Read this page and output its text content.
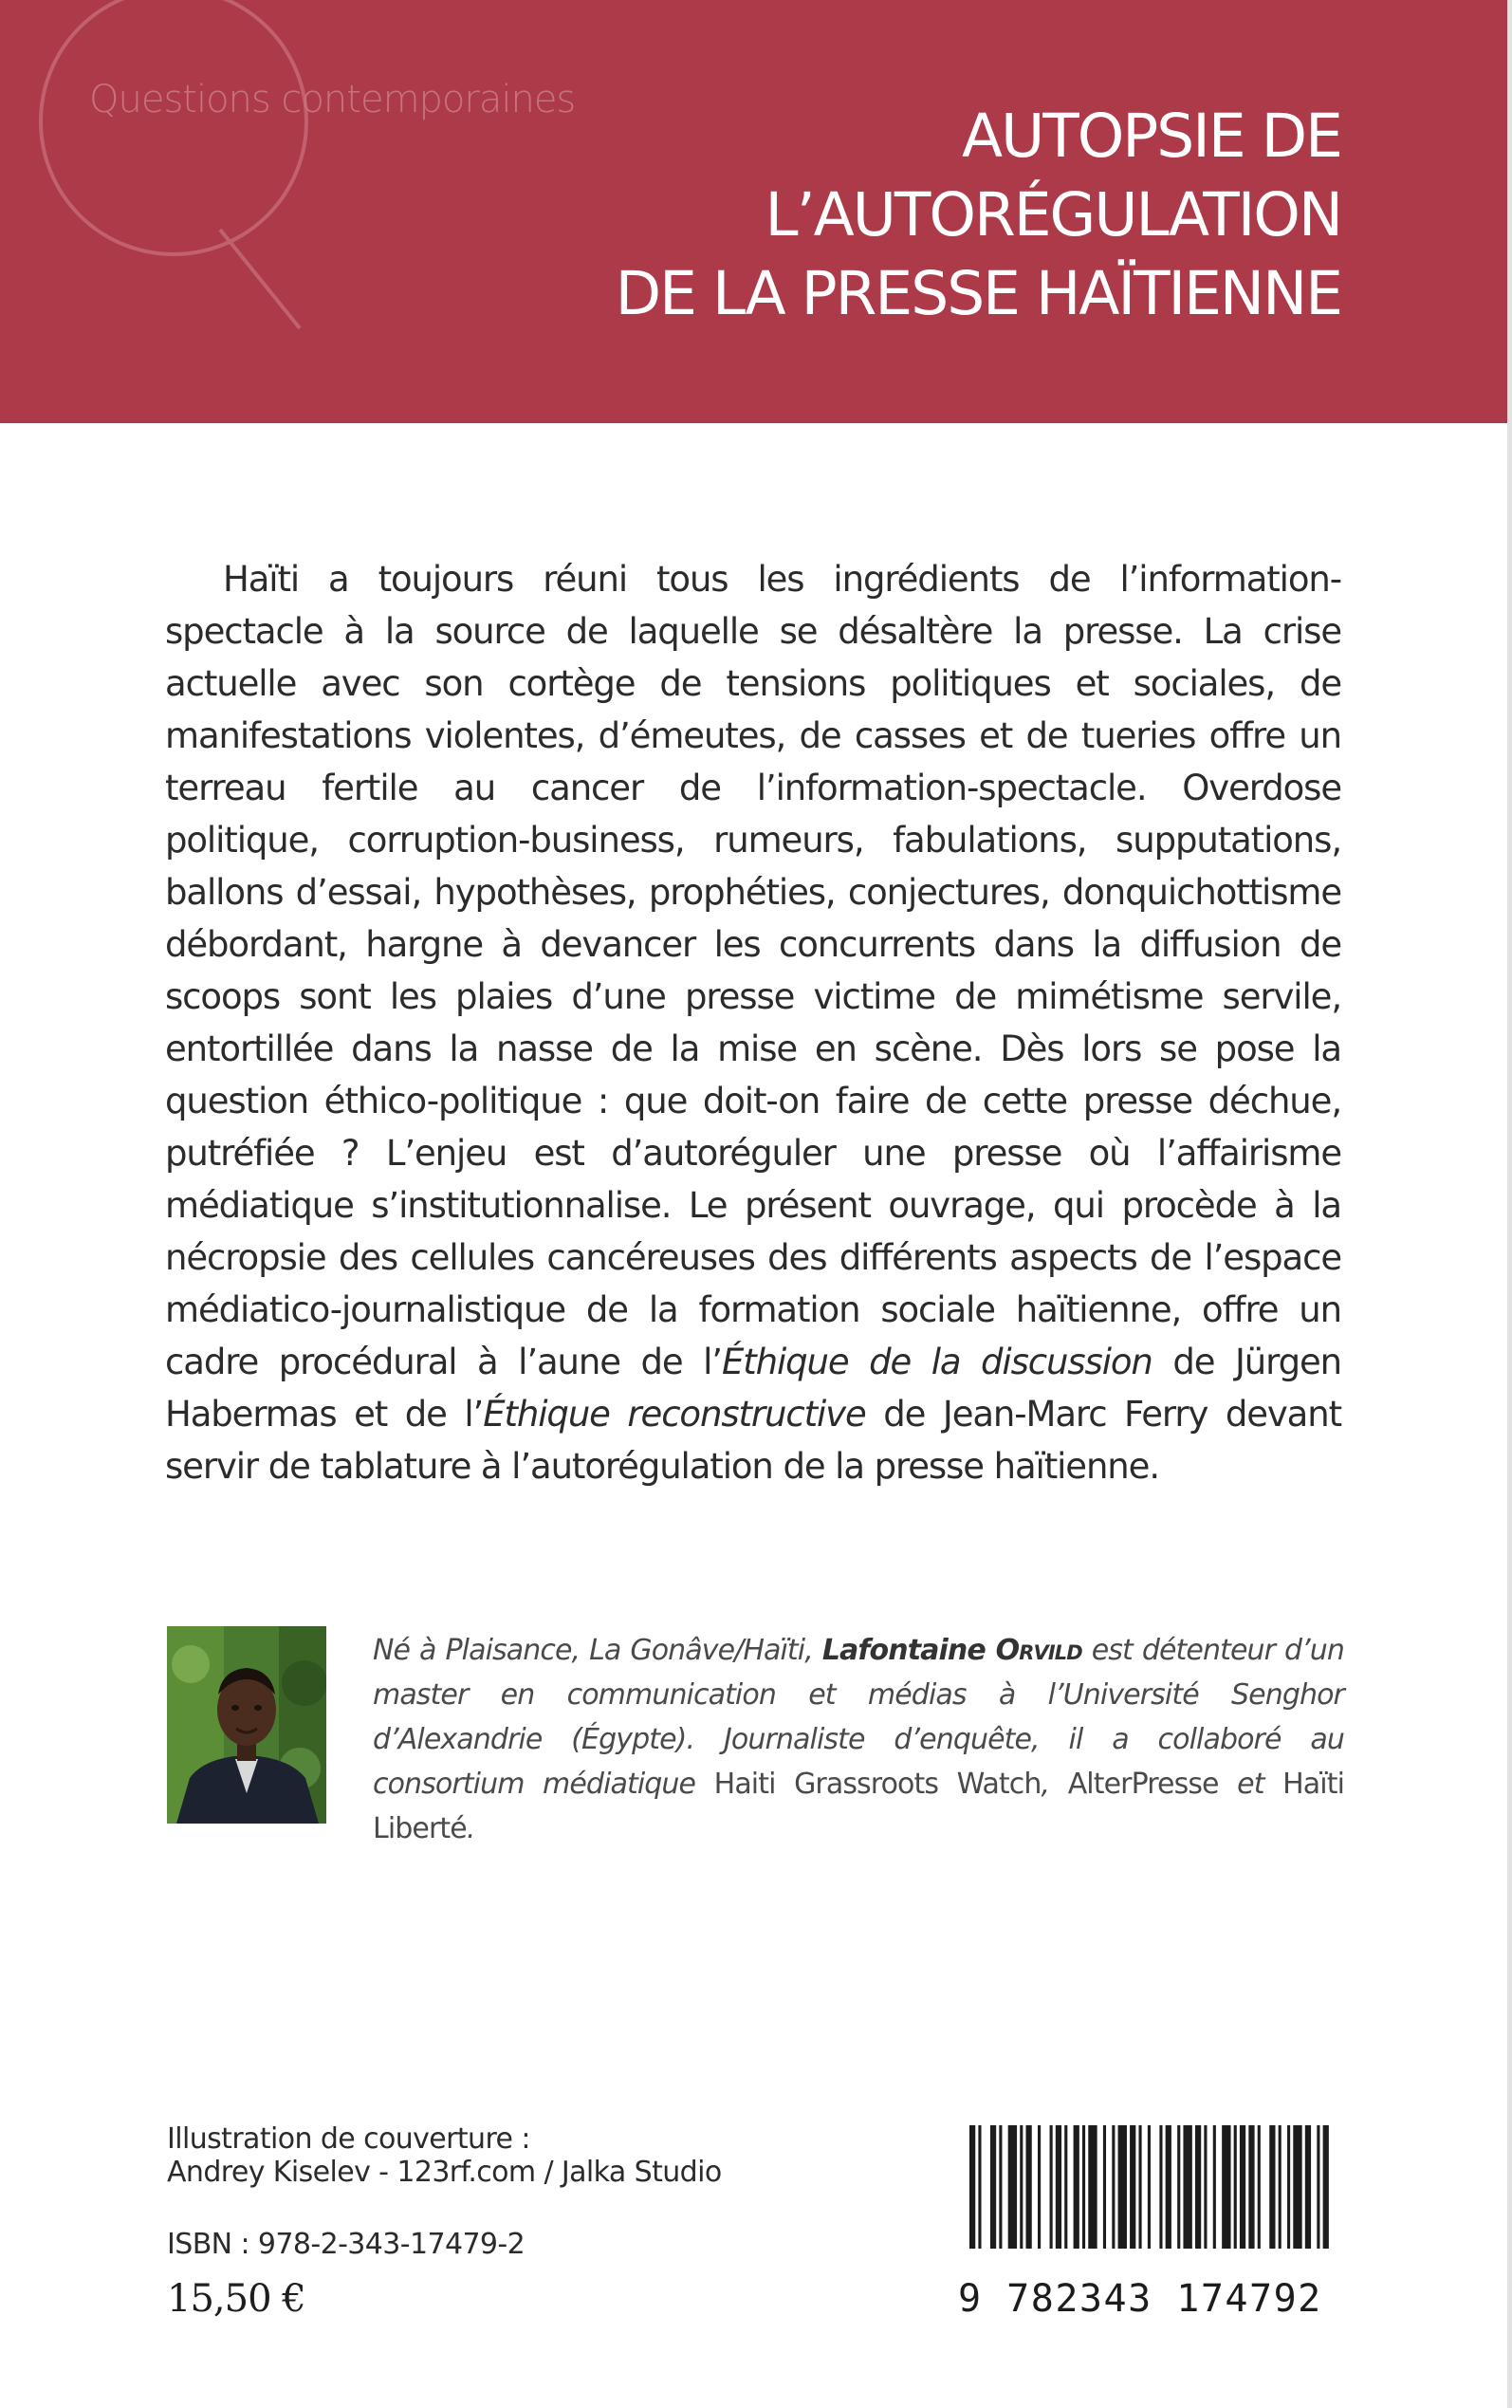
Questions contemporaines

AUTOPSIE DE
L’AUTORÉGULATION
DE LA PRESSE HAÏTIENNE

Haïti a toujours réuni tous les ingrédients de l’information-spectacle à la source de laquelle se désaltère la presse. La crise actuelle avec son cortège de tensions politiques et sociales, de manifestations violentes, d’émeutes, de casses et de tueries offre un terreau fertile au cancer de l’information-spectacle. Overdose politique, corruption-business, rumeurs, fabulations, supputations, ballons d’essai, hypothèses, prophéties, conjectures, donquichottisme débordant, hargne à devancer les concurrents dans la diffusion de scoops sont les plaies d’une presse victime de mimétisme servile, entortillée dans la nasse de la mise en scène. Dès lors se pose la question éthico-politique : que doit-on faire de cette presse déchue, putréfiée ? L’enjeu est d’autoréguler une presse où l’affairisme médiatique s’institutionnalise. Le présent ouvrage, qui procède à la nécropsie des cellules cancéreuses des différents aspects de l’espace médiatico-journalistique de la formation sociale haïtienne, offre un cadre procédural à l’aune de l’Éthique de la discussion de Jürgen Habermas et de l’Éthique reconstructive de Jean-Marc Ferry devant servir de tablature à l’autorégulation de la presse haïtienne.

Né à Plaisance, La Gonâve/Haïti, Lafontaine Orvild est détenteur d’un master en communication et médias à l’Université Senghor d’Alexandrie (Égypte). Journaliste d’enquête, il a collaboré au consortium médiatique Haiti Grassroots Watch, AlterPresse et Haïti Liberté.

Illustration de couverture :
Andrey Kiselev - 123rf.com / Jalka Studio

ISBN : 978-2-343-17479-2

15,50 €	9 782343 174792
